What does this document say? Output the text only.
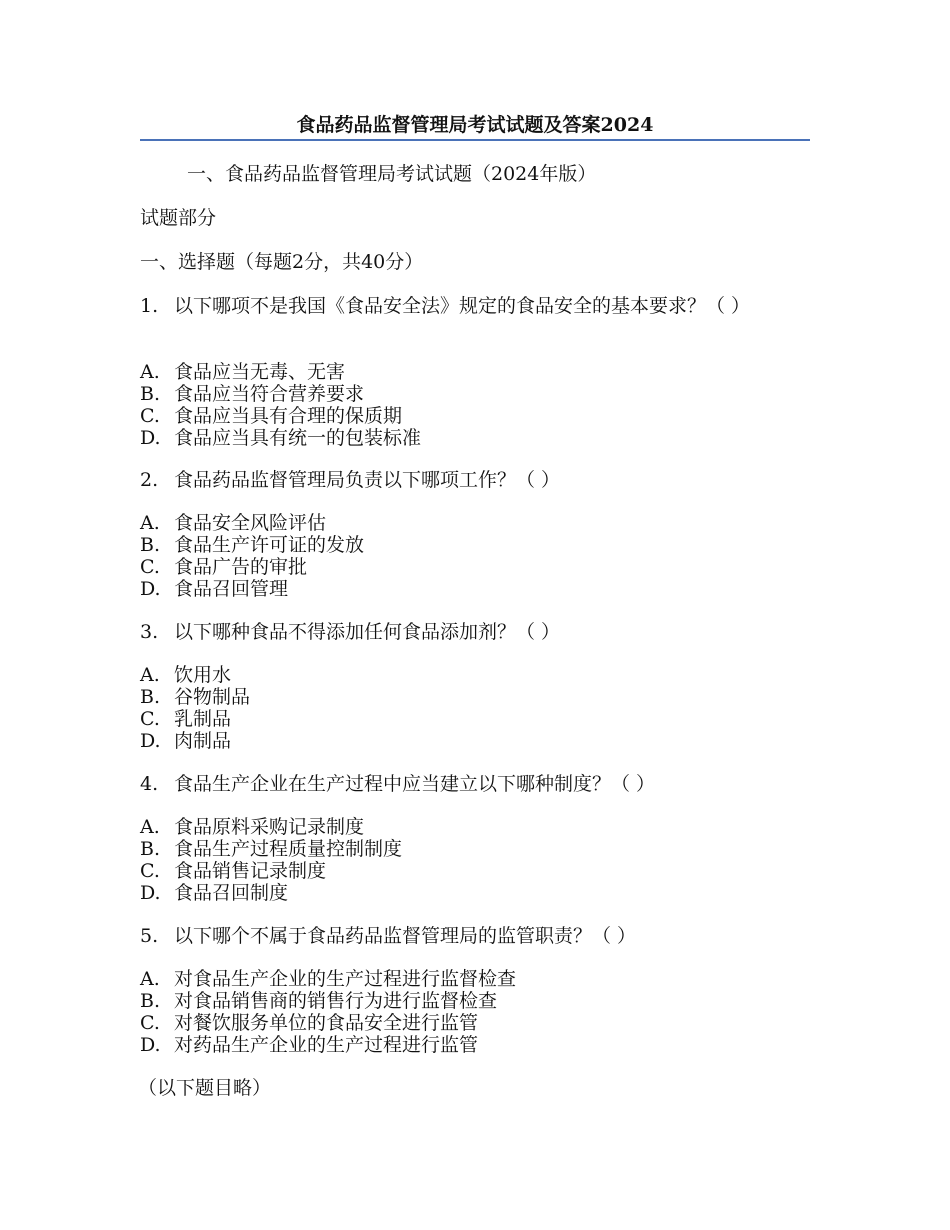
食品药品监督管理局考试试题及答案2024

一、食品药品监督管理局考试试题（2024年版）

试题部分

一、选择题（每题2分，共40分）

1. 以下哪项不是我国《食品安全法》规定的食品安全的基本要求？（ ）

A. 食品应当无毒、无害
B. 食品应当符合营养要求
C. 食品应当具有合理的保质期
D. 食品应当具有统一的包装标准

2. 食品药品监督管理局负责以下哪项工作？（ ）

A. 食品安全风险评估
B. 食品生产许可证的发放
C. 食品广告的审批
D. 食品召回管理

3. 以下哪种食品不得添加任何食品添加剂？（ ）

A. 饮用水
B. 谷物制品
C. 乳制品
D. 肉制品

4. 食品生产企业在生产过程中应当建立以下哪种制度？（ ）

A. 食品原料采购记录制度
B. 食品生产过程质量控制制度
C. 食品销售记录制度
D. 食品召回制度

5. 以下哪个不属于食品药品监督管理局的监管职责？（ ）

A. 对食品生产企业的生产过程进行监督检查
B. 对食品销售商的销售行为进行监督检查
C. 对餐饮服务单位的食品安全进行监管
D. 对药品生产企业的生产过程进行监管

（以下题目略）
